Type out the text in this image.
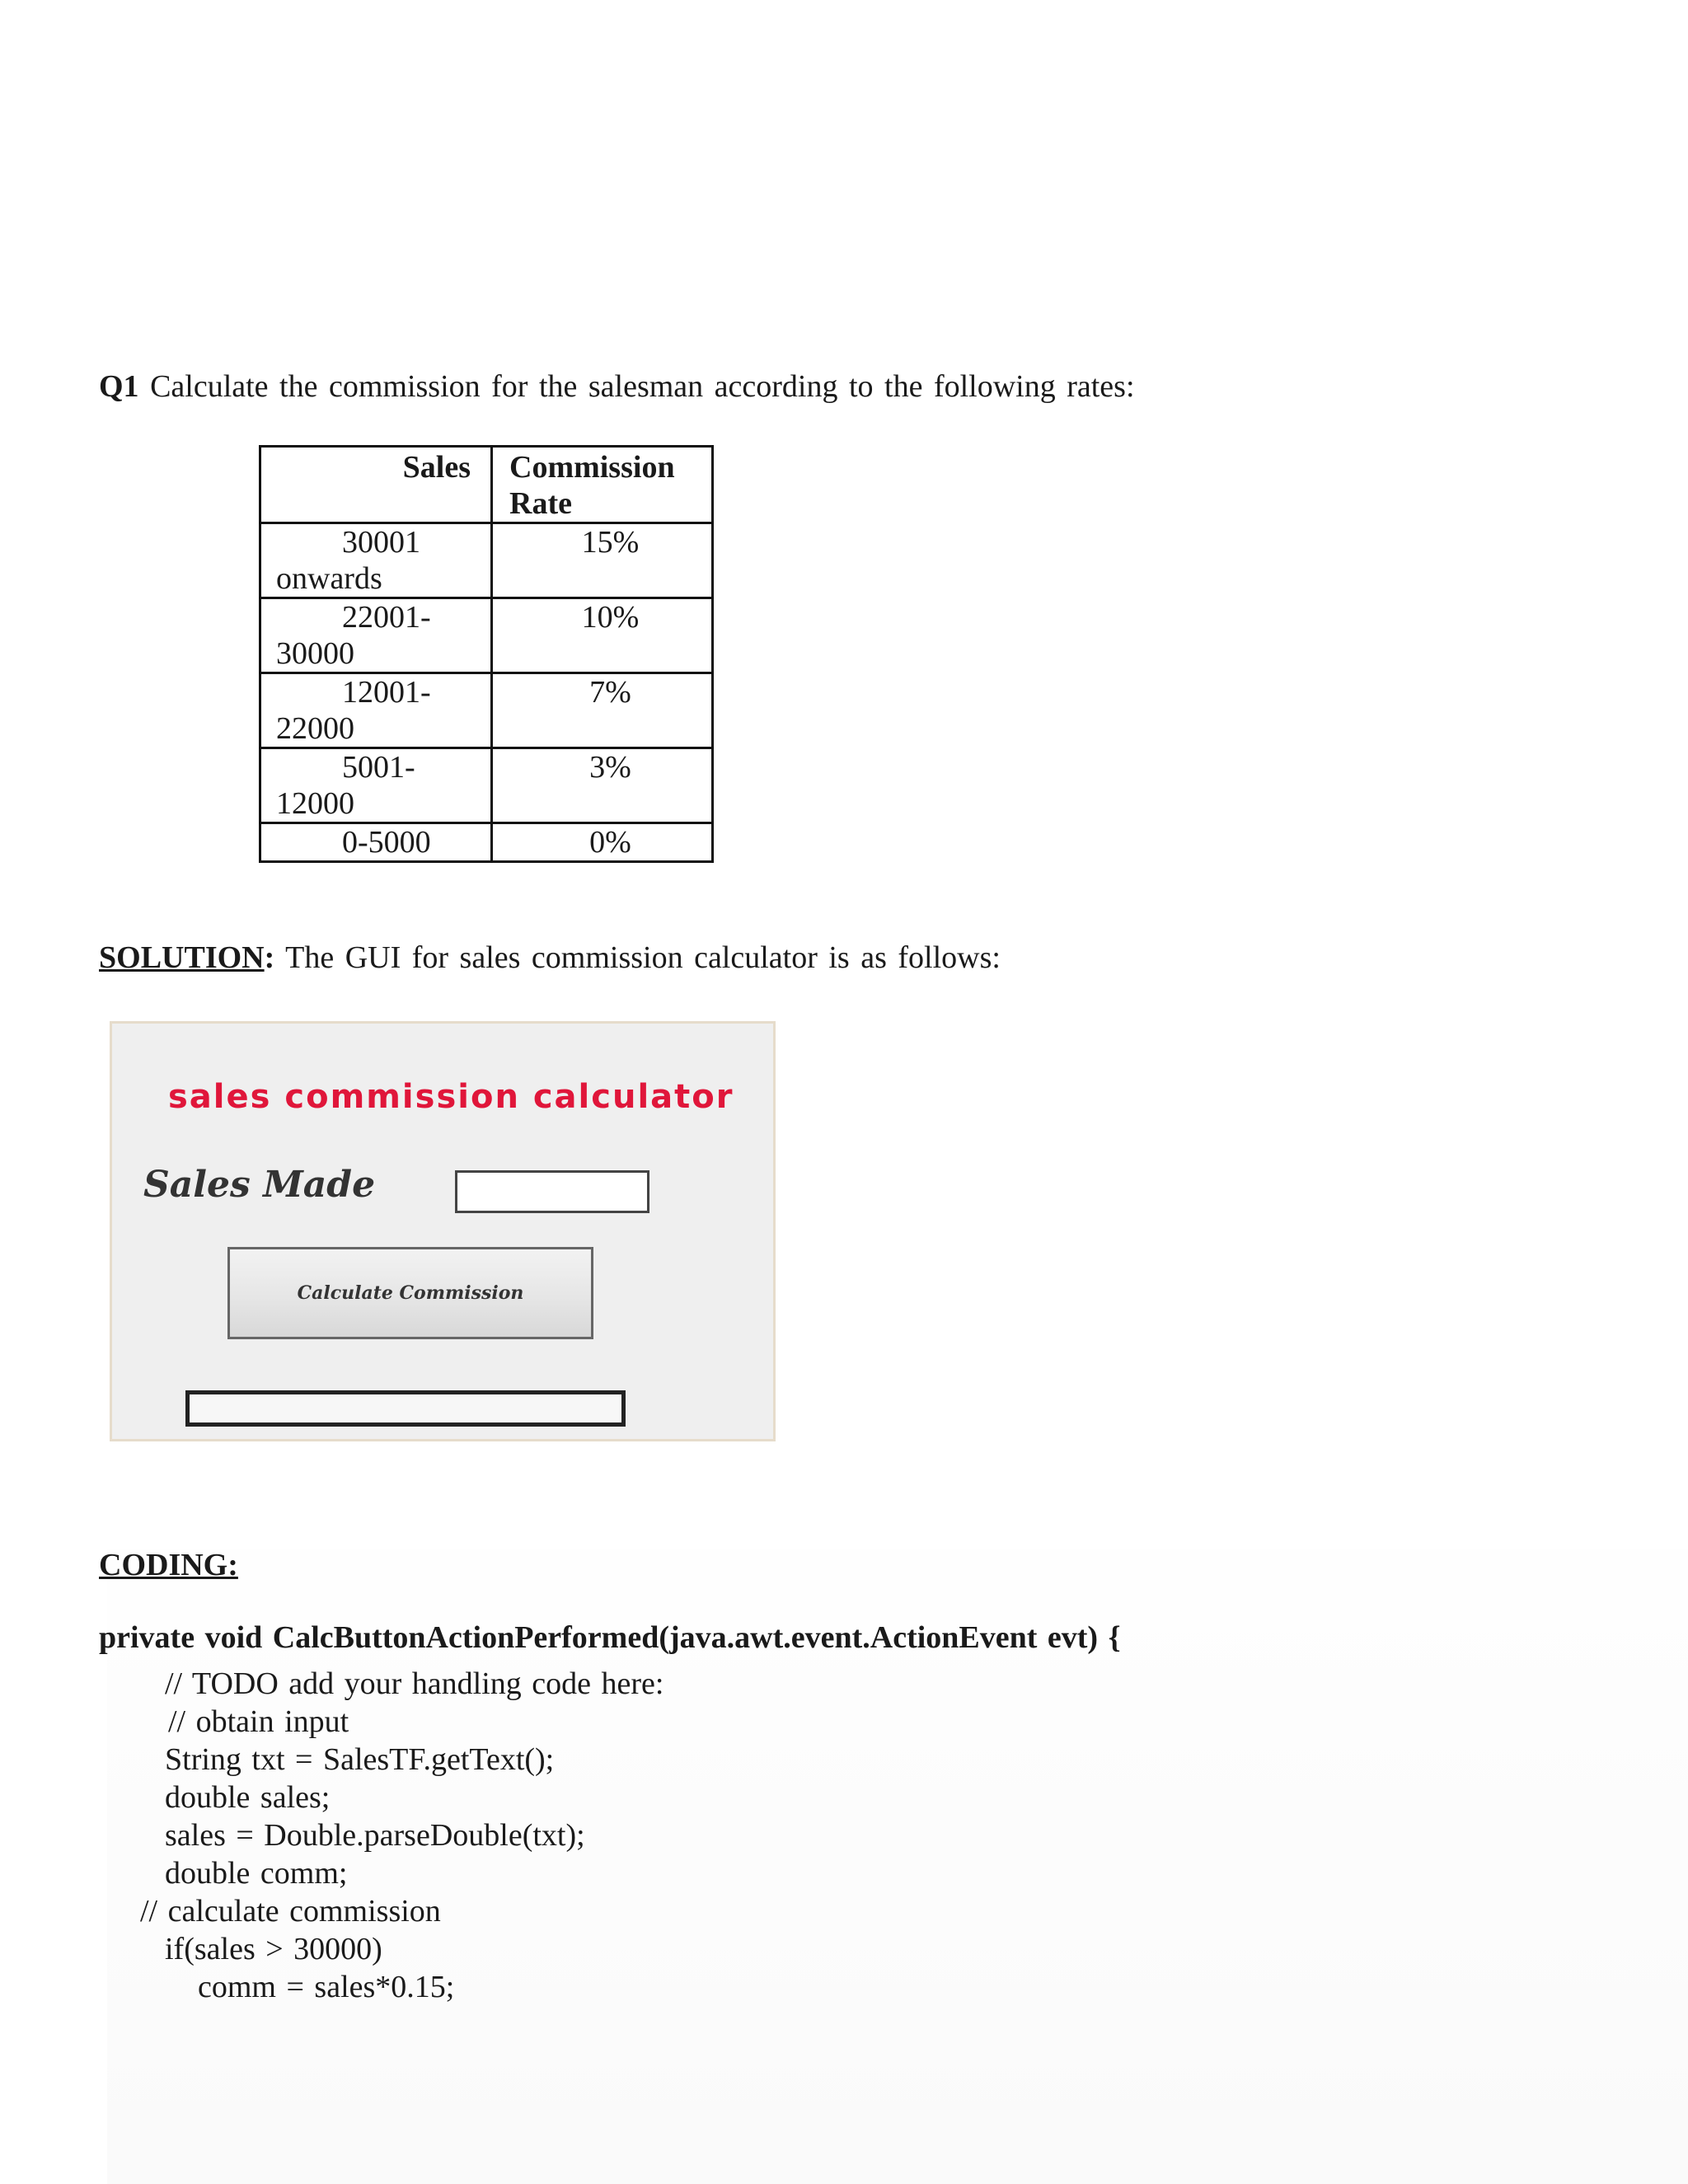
Q1 Calculate the commission for the salesman according to the following rates:
Sales	Commission Rate

30001
onwards	15%

22001-
30000	10%

12001-
22000	7%

5001-
12000	3%

0-5000	0%
SOLUTION: The GUI for sales commission calculator is as follows:
sales commission calculator
Sales Made
Calculate Commission
CODING:
private void CalcButtonActionPerformed(java.awt.event.ActionEvent evt) {
// TODO add your handling code here:
// obtain input
String txt = SalesTF.getText();
double sales;
sales = Double.parseDouble(txt);
double comm;
// calculate commission
if(sales > 30000)
comm = sales*0.15;
